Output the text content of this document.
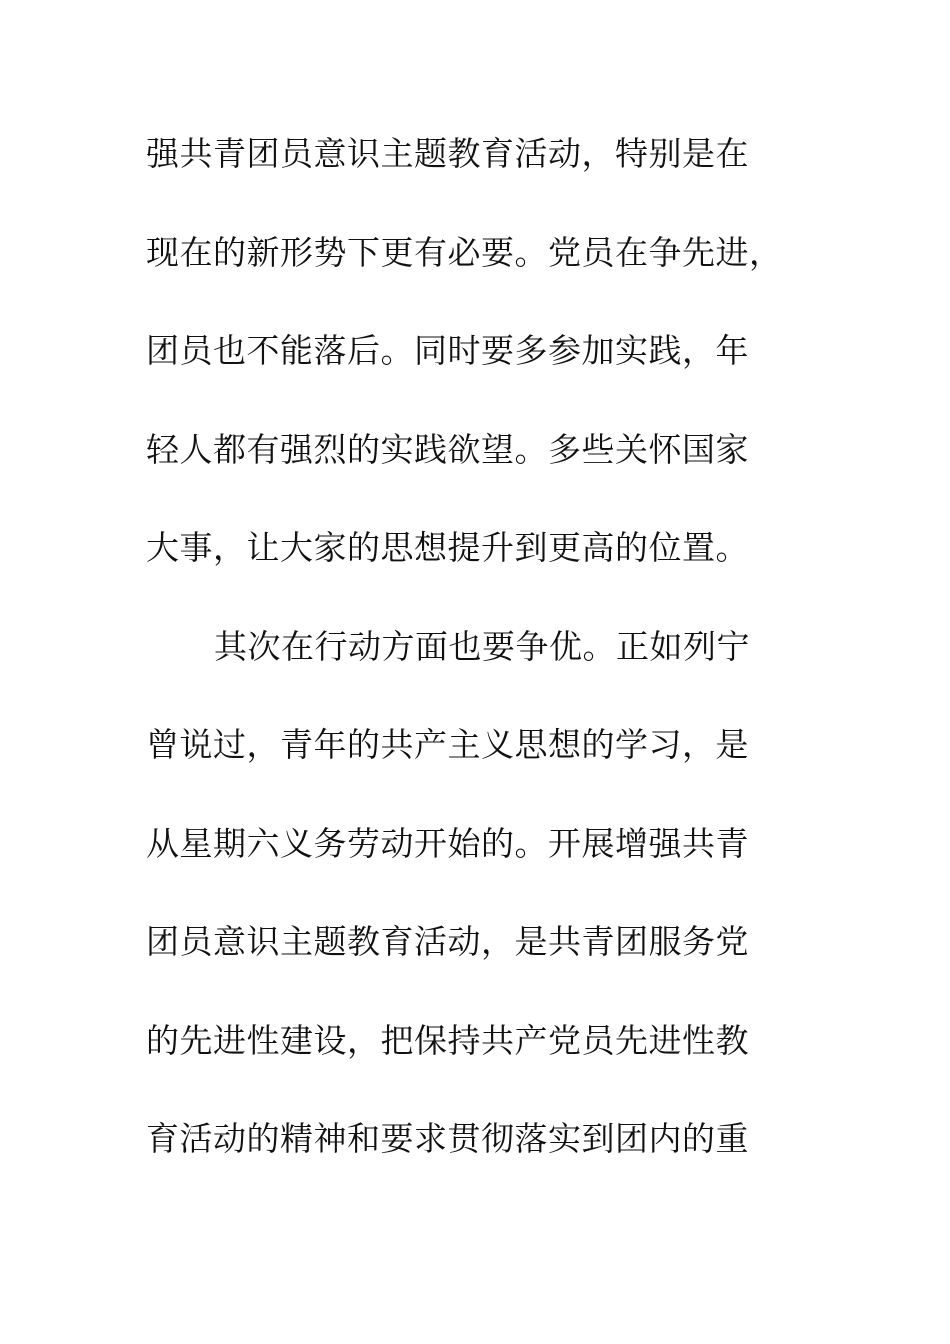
强共青团员意识主题教育活动，特别是在
现在的新形势下更有必要。党员在争先进，
团员也不能落后。同时要多参加实践，年
轻人都有强烈的实践欲望。多些关怀国家
大事，让大家的思想提升到更高的位置。
其次在行动方面也要争优。正如列宁
曾说过，青年的共产主义思想的学习，是
从星期六义务劳动开始的。开展增强共青
团员意识主题教育活动，是共青团服务党
的先进性建设，把保持共产党员先进性教
育活动的精神和要求贯彻落实到团内的重
